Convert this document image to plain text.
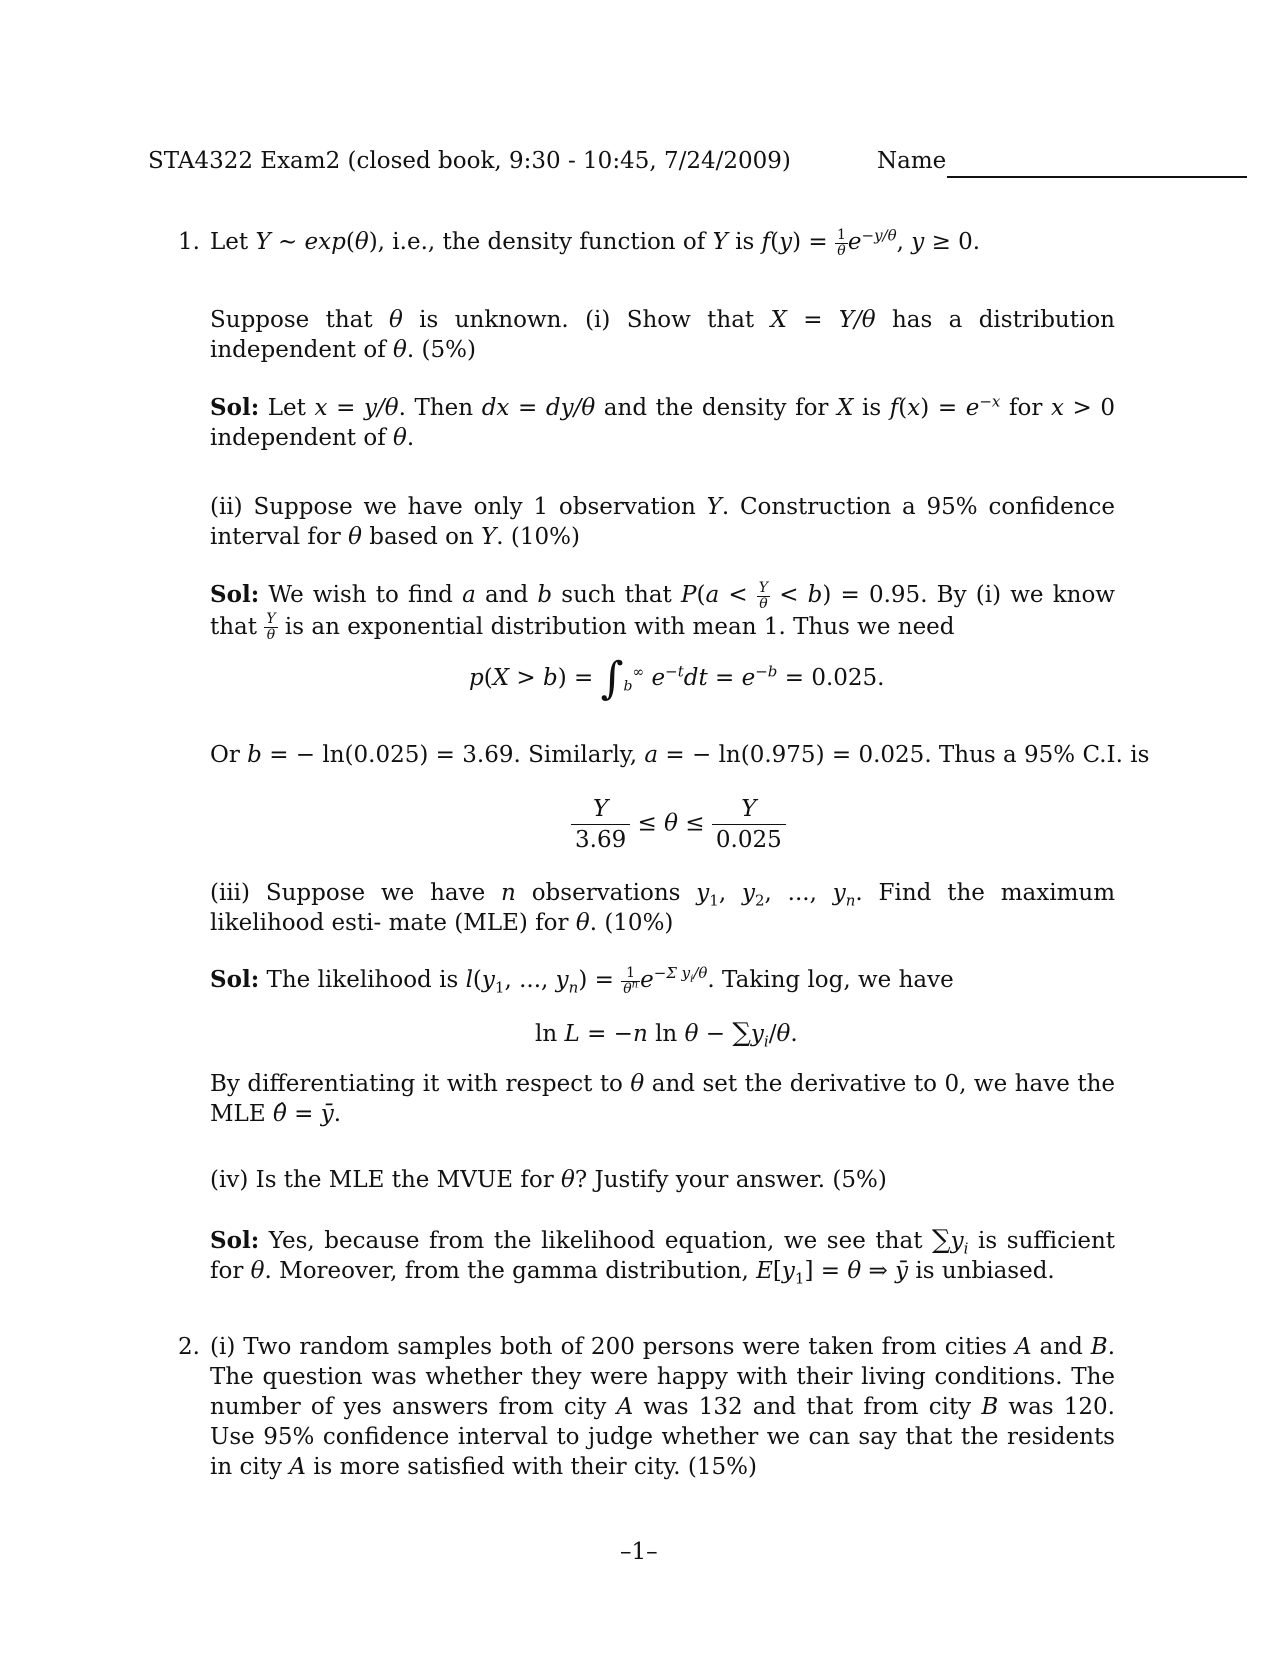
STA4322 Exam2 (closed book, 9:30 - 10:45, 7/24/2009)	Name
1. Let Y ∼ exp(θ), i.e., the density function of Y is $f(y) = \frac{1}{\theta} e^{-y/\theta}$, y ≥ 0.
Suppose that θ is unknown. (i) Show that X = Y/θ has a distribution independent of θ. (5%)
Sol: Let x = y/θ. Then dx = dy/θ and the density for X is $f(x) = e^{-x}$ for x > 0 independent of θ.
(ii) Suppose we have only 1 observation Y. Construction a 95% confidence interval for θ based on Y. (10%)
Sol: We wish to find a and b such that $P(a < \frac{Y}{\theta} < b) = 0.95$. By (i) we know that $\frac{Y}{\theta}$ is an exponential distribution with mean 1. Thus we need
$p(X > b) = \int_b^\infty$ $e^{-t}dt = e^{-b} = 0.025$.
Or b = − ln(0.025) = 3.69. Similarly, a = − ln(0.975) = 0.025. Thus a 95% C.I. is
$\frac{Y}{3.69} \le \theta \le \frac{Y}{0.025}$
(iii) Suppose we have n observations $y_1$, $y_2$, ..., $y_n$. Find the maximum likelihood esti- mate (MLE) for θ. (10%)
Sol: The likelihood is $l(y_1$, ..., $y_n) = \frac{1}{\theta^n} e^{-\Sigma y_i/\theta}$. Taking log, we have
ln L = −n $\ln \theta - \sum y_i/\theta$.
By differentiating it with respect to θ and set the derivative to 0, we have the MLE θ̂ = ȳ.
(iv) Is the MLE the MVUE for θ? Justify your answer. (5%)
Sol: Yes, because from the likelihood equation, we see that $\sum y_i$ is sufficient for θ. Moreover, from the gamma distribution, $E[y_1] = \theta$ ⇒ ȳ is unbiased.
2. (i) Two random samples both of 200 persons were taken from cities A and B. The question was whether they were happy with their living conditions. The number of yes answers from city A was 132 and that from city B was 120. Use 95% confidence interval to judge whether we can say that the residents in city A is more satisfied with their city. (15%)
–1–
